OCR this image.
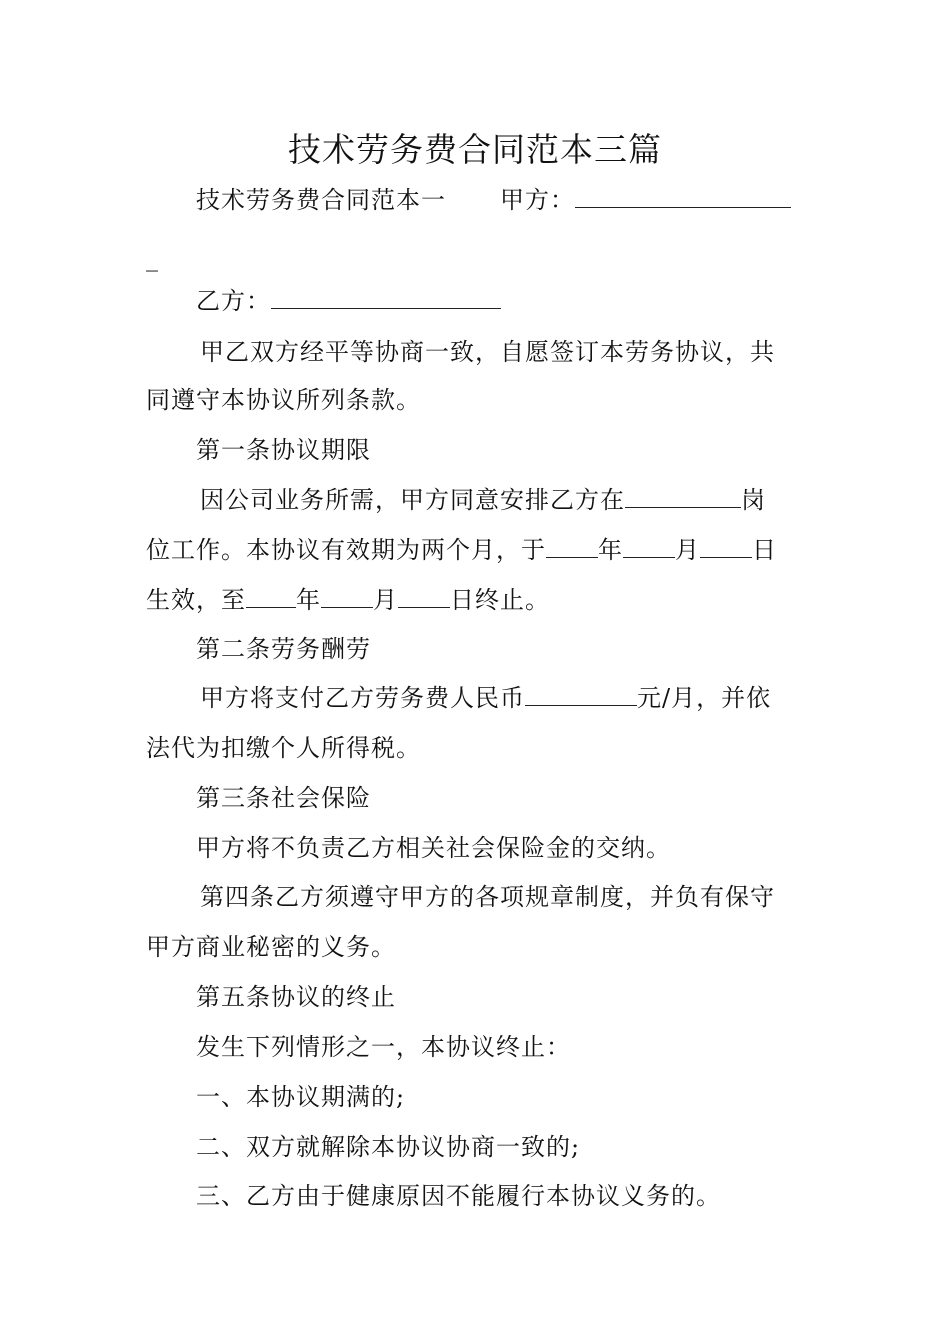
技术劳务费合同范本三篇
技术劳务费合同范本一 甲方：
_
乙方：
甲乙双方经平等协商一致，自愿签订本劳务协议，共
同遵守本协议所列条款。
第一条协议期限
因公司业务所需，甲方同意安排乙方在	岗
位工作。本协议有效期为两个月，于 年 月 日
生效，至 年 月 日终止。
第二条劳务酬劳
甲方将支付乙方劳务费人民币	元/月，并依
法代为扣缴个人所得税。
第三条社会保险
甲方将不负责乙方相关社会保险金的交纳。
第四条乙方须遵守甲方的各项规章制度，并负有保守
甲方商业秘密的义务。
第五条协议的终止
发生下列情形之一，本协议终止：
一、本协议期满的;
二、双方就解除本协议协商一致的;
三、乙方由于健康原因不能履行本协议义务的。
